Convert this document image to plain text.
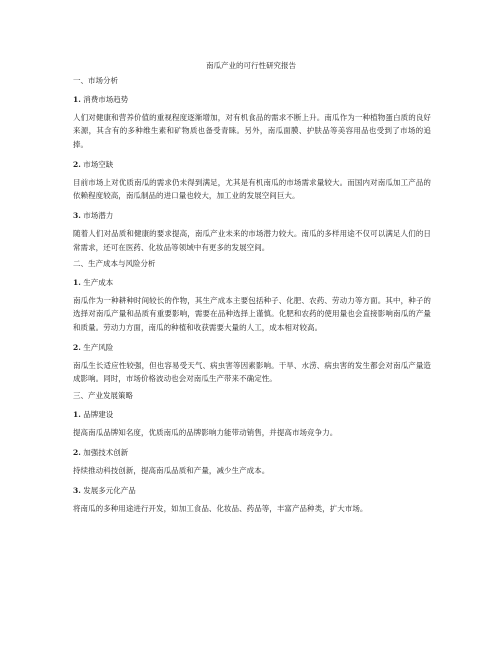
南瓜产业的可行性研究报告
一、市场分析
1. 消费市场趋势
人们对健康和营养价值的重视程度逐渐增加，对有机食品的需求不断上升。南瓜作为一种植物蛋白质的良好来源，其含有的多种维生素和矿物质也备受青睐。另外，南瓜面膜、护肤品等美容用品也受到了市场的追捧。
2. 市场空缺
目前市场上对优质南瓜的需求仍未得到满足，尤其是有机南瓜的市场需求量较大。而国内对南瓜加工产品的依赖程度较高，南瓜制品的进口量也较大，加工业的发展空间巨大。
3. 市场潜力
随着人们对品质和健康的要求提高，南瓜产业未来的市场潜力较大。南瓜的多样用途不仅可以满足人们的日常需求，还可在医药、化妆品等领域中有更多的发展空间。
二、生产成本与风险分析
1. 生产成本
南瓜作为一种耕种时间较长的作物，其生产成本主要包括种子、化肥、农药、劳动力等方面。其中，种子的选择对南瓜产量和品质有重要影响，需要在品种选择上谨慎。化肥和农药的使用量也会直接影响南瓜的产量和质量。劳动力方面，南瓜的种植和收获需要大量的人工，成本相对较高。
2. 生产风险
南瓜生长适应性较强，但也容易受天气、病虫害等因素影响。干旱、水涝、病虫害的发生都会对南瓜产量造成影响。同时，市场价格波动也会对南瓜生产带来不确定性。
三、产业发展策略
1. 品牌建设
提高南瓜品牌知名度，优质南瓜的品牌影响力能带动销售，并提高市场竞争力。
2. 加强技术创新
持续推动科技创新，提高南瓜品质和产量，减少生产成本。
3. 发展多元化产品
将南瓜的多种用途进行开发，如加工食品、化妆品、药品等，丰富产品种类，扩大市场。
